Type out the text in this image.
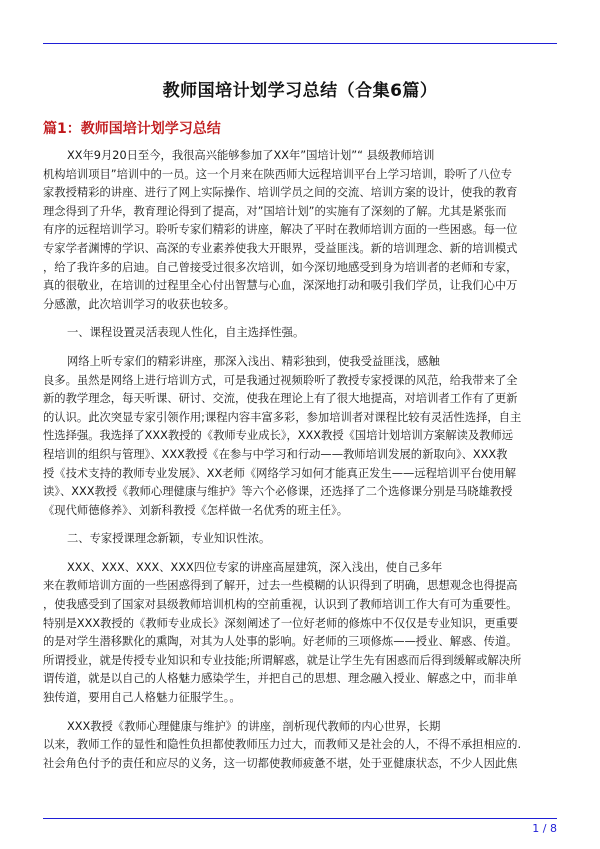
教师国培计划学习总结（合集6篇）
篇1：教师国培计划学习总结

XX年9月20日至今，我很高兴能够参加了XX年”国培计划”“ 县级教师培训
机构培训项目”培训中的一员。这一个月来在陕西师大远程培训平台上学习培训，聆听了八位专
家教授精彩的讲座、进行了网上实际操作、培训学员之间的交流、培训方案的设计，使我的教育
理念得到了升华，教育理论得到了提高，对”国培计划”的实施有了深刻的了解。尤其是紧张而
有序的远程培训学习。聆听专家们精彩的讲座，解决了平时在教师培训方面的一些困惑。每一位
专家学者渊博的学识、高深的专业素养使我大开眼界，受益匪浅。新的培训理念、新的培训模式
，给了我许多的启迪。自己曾接受过很多次培训，如今深切地感受到身为培训者的老师和专家，
真的很敬业，在培训的过程里全心付出智慧与心血，深深地打动和吸引我们学员，让我们心中万
分感激，此次培训学习的收获也较多。

一、课程设置灵活表现人性化，自主选择性强。

网络上听专家们的精彩讲座，那深入浅出、精彩独到，使我受益匪浅，感触
良多。虽然是网络上进行培训方式，可是我通过视频聆听了教授专家授课的风范，给我带来了全
新的教学理念，每天听课、研讨、交流，使我在理论上有了很大地提高，对培训者工作有了更新
的认识。此次突显专家引领作用;课程内容丰富多彩，参加培训者对课程比较有灵活性选择，自主
性选择强。我选择了XXX教授的《教师专业成长》，XXX教授《国培计划培训方案解读及教师远
程培训的组织与管理》、XXX教授《在参与中学习和行动——教师培训发展的新取向》、XXX教
授《技术支持的教师专业发展》、XX老师《网络学习如何才能真正发生——远程培训平台使用解
读》、XXX教授《教师心理健康与维护》等六个必修课，还选择了二个选修课分别是马晓雄教授
《现代师德修养》、刘新科教授《怎样做一名优秀的班主任》。

二、专家授课理念新颖，专业知识性浓。

XXX、XXX、XXX、XXX四位专家的讲座高屋建筑，深入浅出，使自己多年
来在教师培训方面的一些困惑得到了解开，过去一些模糊的认识得到了明确，思想观念也得提高
，使我感受到了国家对县级教师培训机构的空前重视，认识到了教师培训工作大有可为重要性。
特别是XXX教授的《教师专业成长》深刻阐述了一位好老师的修炼中不仅仅是专业知识，更重要
的是对学生潜移默化的熏陶，对其为人处事的影响。好老师的三项修炼——授业、解惑、传道。
所谓授业，就是传授专业知识和专业技能;所谓解惑，就是让学生先有困惑而后得到缓解或解决所
谓传道，就是以自己的人格魅力感染学生，并把自己的思想、理念融入授业、解惑之中，而非单
独传道，要用自己人格魅力征服学生。。

XXX教授《教师心理健康与维护》的讲座，剖析现代教师的内心世界，长期
以来，教师工作的显性和隐性负担都使教师压力过大，而教师又是社会的人，不得不承担相应的.
社会角色付予的责任和应尽的义务，这一切都使教师疲惫不堪，处于亚健康状态，不少人因此焦

1 / 8
